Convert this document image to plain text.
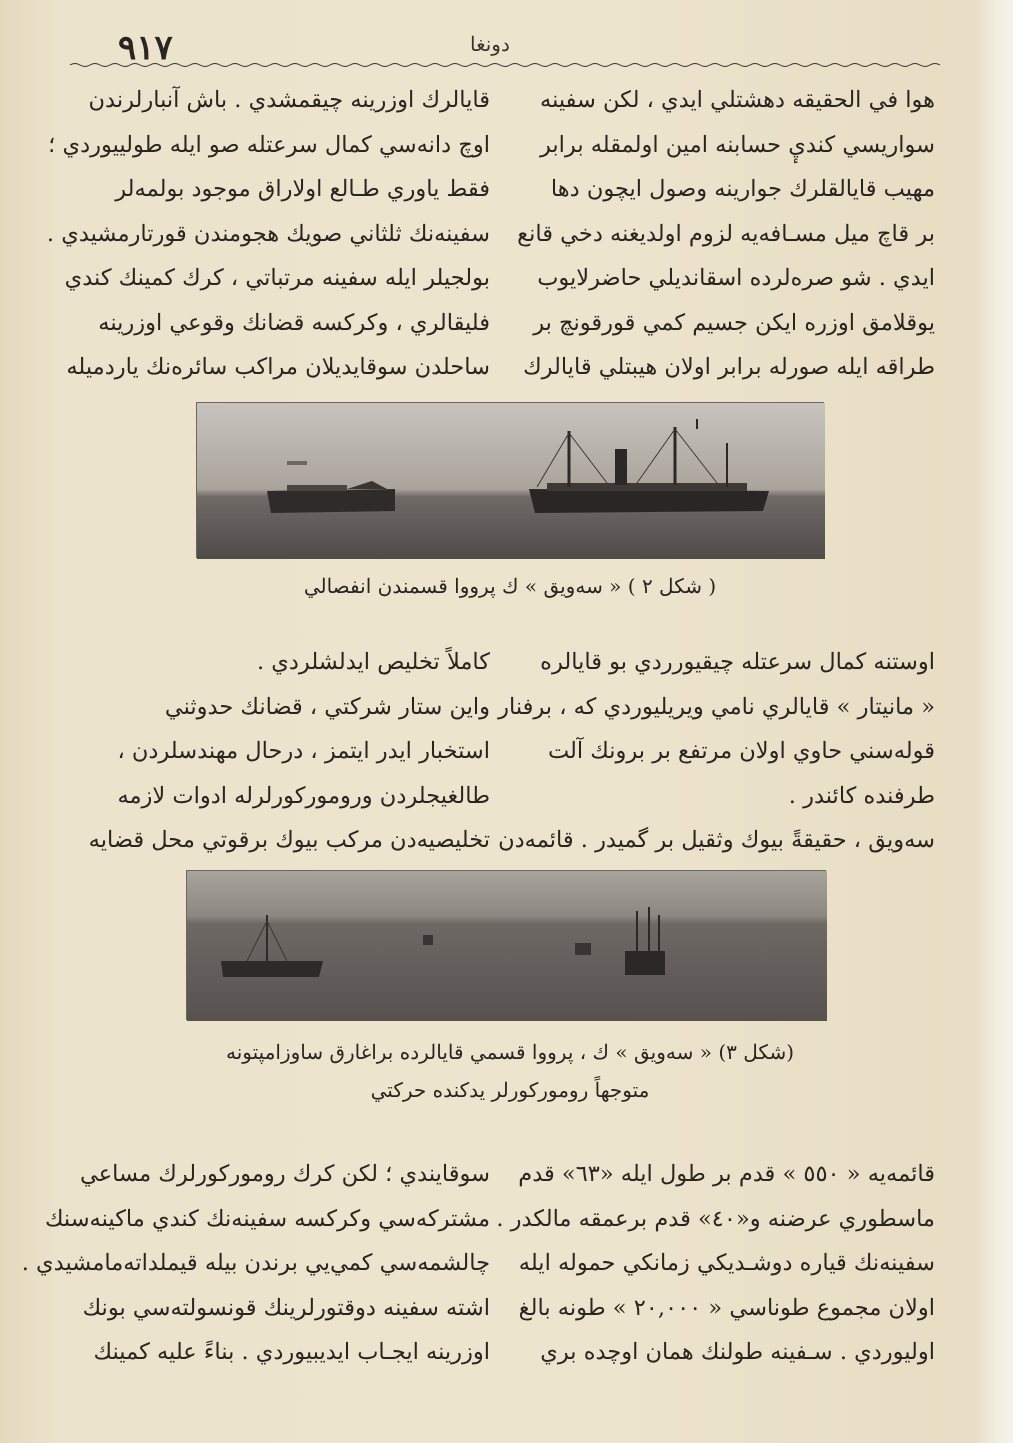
٩١٧	دونغا

هوا في الحقيقه دهشتلي ايدي ، لكن سفينه

سواريسي كنديٕ حسابنه امين اولمقله برابر

مهيب قايالقلرك جوارينه وصول ايچون دها

بر قاچ ميل مسـافه‌يه لزوم اولديغنه دخي قانع

ايدي . شو صره‌لرده اسقانديلي حاضرلايوب

يوقلامق اوزره ايكن جسيم كمي قورقونچ بر

طراقه ايله صورله برابر اولان هيبتلي قايالرك

قايالرك اوزرينه چيقمشدي . باش آنبارلرندن

اوچ دانه‌سي كمال سرعتله صو ايله طولييوردي ؛

فقط ياوري طـالع اولاراق موجود بولمه‌لر

سفينه‌نك ثلثاني صويك هجومندن قورتارمشيدي .

بولجيلر ايله سفينه مرتباتي ، كرك كمينك كندي

فليقالري ، وكركسه قضانك وقوعي اوزرينه

ساحلدن سوقايديلان مراكب سائره‌نك ياردميله

( شكل ٢ ) « سه‌ويق » ك پرووا قسمندن انفصالي

اوستنه كمال سرعتله چيقيورردي بو قايالره

« مانيتار » قايالري نامي ويريليوردي كه ، برفنار

قوله‌سني حاوي اولان مرتفع بر برونك آلت

طرفنده كائندر .

سه‌ويق ، حقيقةً بيوك وثقيل بر گميدر . قائمه‌دن

كاملاً تخليص ايدلشلردي .

واين ستار شركتي ، قضانك حدوثني

استخبار ايدر ايتمز ، درحال مهندسلردن ،

طالغيجلردن وروموركورلرله ادوات لازمه

تخليصيه‌دن مركب بيوك برقوتي محل قضايه

(شكل ٣) « سه‌ويق » ك ، پرووا قسمي قايالرده براغارق ساوزامپتونه
متوجهاً روموركورلر يدكنده حركتي

قائمه‌يه « ٥٥٠ » قدم بر طول ايله «٦٣» قدم

ماسطوري عرضنه و«٤٠» قدم برعمقه مالكدر .

سفينه‌نك قياره دوشـديكي زمانكي حموله ايله

اولان مجموع طوناسي « ٢٠,٠٠٠ » طونه بالغ

اوليوردي . سـفينه طولنك همان اوچده بري

سوقايندي ؛ لكن كرك روموركورلرك مساعي

مشتركه‌سي وكركسه سفينه‌نك كندي ماكينه‌سنك

چالشمه‌سي كمي‌يي برندن بيله قيملداته‌مامشيدي .

اشته سفينه دوقتورلرينك قونسولته‌سي بونك

اوزرينه ايجـاب ايديبيوردي . بناءً عليه كمينك
